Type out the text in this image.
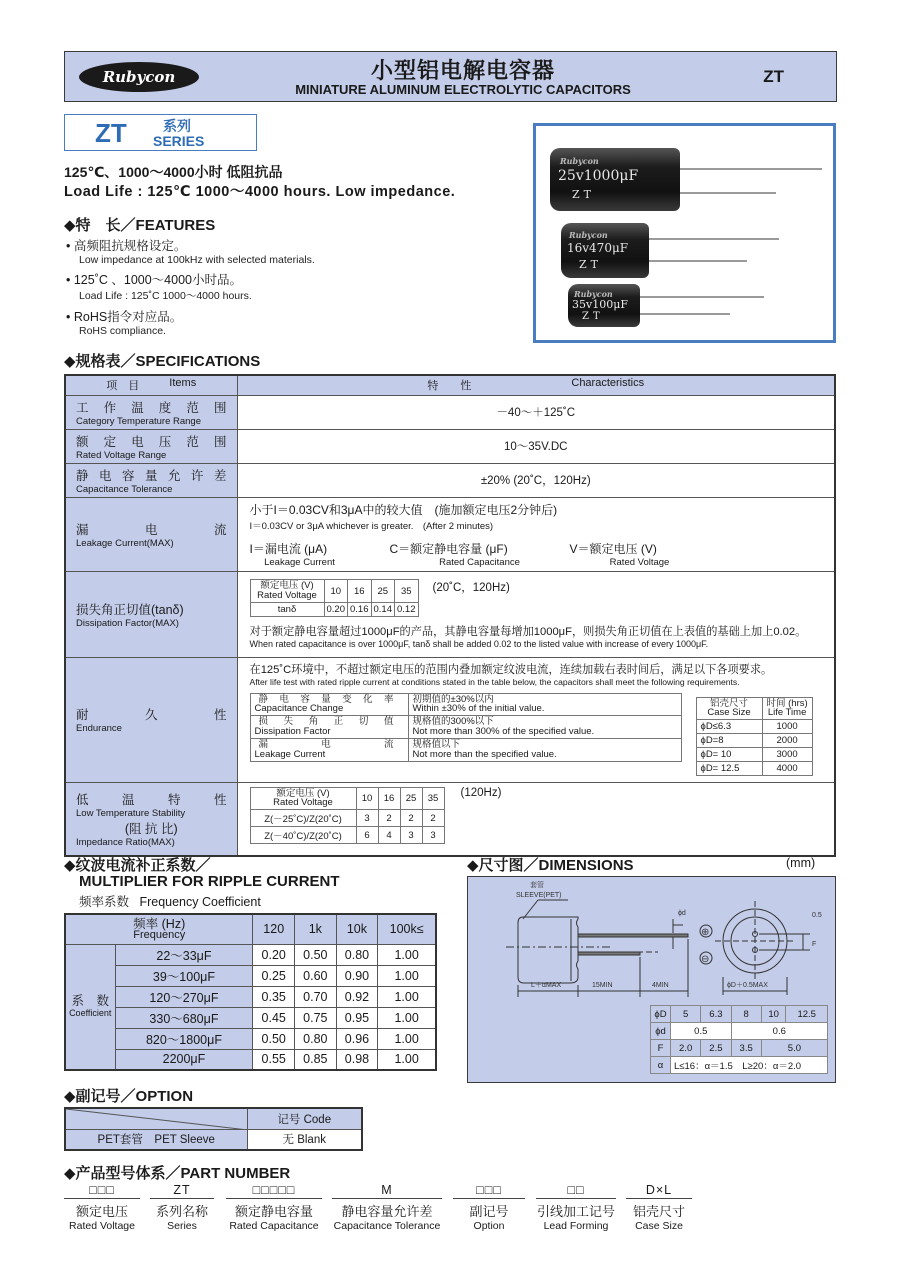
Rubycon	小型铝电解电容器
MINIATURE ALUMINUM ELECTROLYTIC CAPACITORS
ZT
ZT	系列
SERIES
125℃、1000～4000小时 低阻抗品
Load Life : 125℃ 1000～4000 hours. Low impedance.
◆特　长／FEATURES
• 高频阻抗规格设定。
Low impedance at 100kHz with selected materials.
• 125˚C 、1000～4000小时品。
Load Life : 125˚C 1000～4000 hours.
• RoHS指令对应品。
RoHS compliance.
Rubycon
25v1000μF
ZT
Rubycon
16v470μF
ZT
Rubycon
35v100μF
ZT
◆规格表／SPECIFICATIONS
项　目	Items	特　　性	Characteristics

工 作 温 度 范 围
Category Temperature Range
	－40～＋125˚C

额 定 电 压 范 围
Rated Voltage Range
	10～35V.DC

静 电 容 量 允 许 差
Capacitance Tolerance
	±20% (20˚C，120Hz)

漏	电	流
Leakage Current(MAX)

小于I＝0.03CV和3μA中的较大值　(施加额定电压2分钟后)
I＝0.03CV or 3μA whichever is greater.　(After 2 minutes)
I＝漏电流 (μA)
Leakage Current
C＝额定静电容量 (μF)
Rated Capacitance
V＝额定电压 (V)
Rated Voltage

损失角正切值(tanδ)
Dissipation Factor(MAX)

额定电压 (V)
Rated Voltage	10	16	25	35
tanδ	0.20	0.16	0.14	0.12
(20˚C，120Hz)
对于额定静电容量超过1000μF的产品，其静电容量每增加1000μF，则损失角正切值在上表值的基础上加上0.02。
When rated capacitance is over 1000μF, tanδ shall be added 0.02 to the listed value with increase of every 1000μF.

耐	久	性
Endurance

在125˚C环境中，不超过额定电压的范围内叠加额定纹波电流，连续加载右表时间后，满足以下各项要求。
After life test with rated ripple current at conditions stated in the table below, the capacitors shall meet the following requirements.
静 电 容 量 变 化 率
Capacitance Change

初期值的±30%以内
Within ±30% of the initial value.

损 失 角 正 切 值
Dissipation Factor

规格值的300%以下
Not more than 300% of the specified value.

漏	电	流
Leakage Current

规格值以下
Not more than the specified value.
铝壳尺寸
Case Size

时间 (hrs)
Life Time

ϕD≤6.3	1000
ϕD=8	2000
ϕD= 10	3000
ϕD= 12.5	4000

低	温	特	性
Low Temperature Stability
(阻 抗 比)
Impedance Ratio(MAX)

额定电压 (V)
Rated Voltage	10	16	25	35
Z(－25˚C)/Z(20˚C)	3	2	2	2
Z(－40˚C)/Z(20˚C)	6	4	3	3
(120Hz)
◆纹波电流补正系数／
MULTIPLIER FOR RIPPLE CURRENT
频率系数 Frequency Coefficient
频率 (Hz)
Frequency		120	1k	10k	100k≤

系　数
Coefficient	22～33μF	0.20	0.50	0.80	1.00
	39～100μF	0.25	0.60	0.90	1.00
	120～270μF	0.35	0.70	0.92	1.00
	330～680μF	0.45	0.75	0.95	1.00
	820～1800μF	0.50	0.80	0.96	1.00
	2200μF	0.55	0.85	0.98	1.00
◆尺寸图／DIMENSIONS	(mm)
套管
SLEEVE(PET)
ϕd
L＋αMAX	15MIN	4MIN	ϕD＋0.5MAX
F
0.5
⊕
⊖
ϕD	5	6.3	8	10	12.5
ϕd	0.5		0.6		
F	2.0	2.5	3.5	5.0	
α	L≤16：α＝1.5　L≥20：α＝2.0				
◆副记号／OPTION
	记号 Code
PET套管　PET Sleeve	无 Blank
◆产品型号体系／PART NUMBER
□□□
额定电压
Rated Voltage
ZT
系列名称
Series
□□□□□
额定静电容量
Rated Capacitance
M
静电容量允许差
Capacitance Tolerance
□□□
副记号
Option
□□
引线加工记号
Lead Forming
D×L
铝壳尺寸
Case Size
